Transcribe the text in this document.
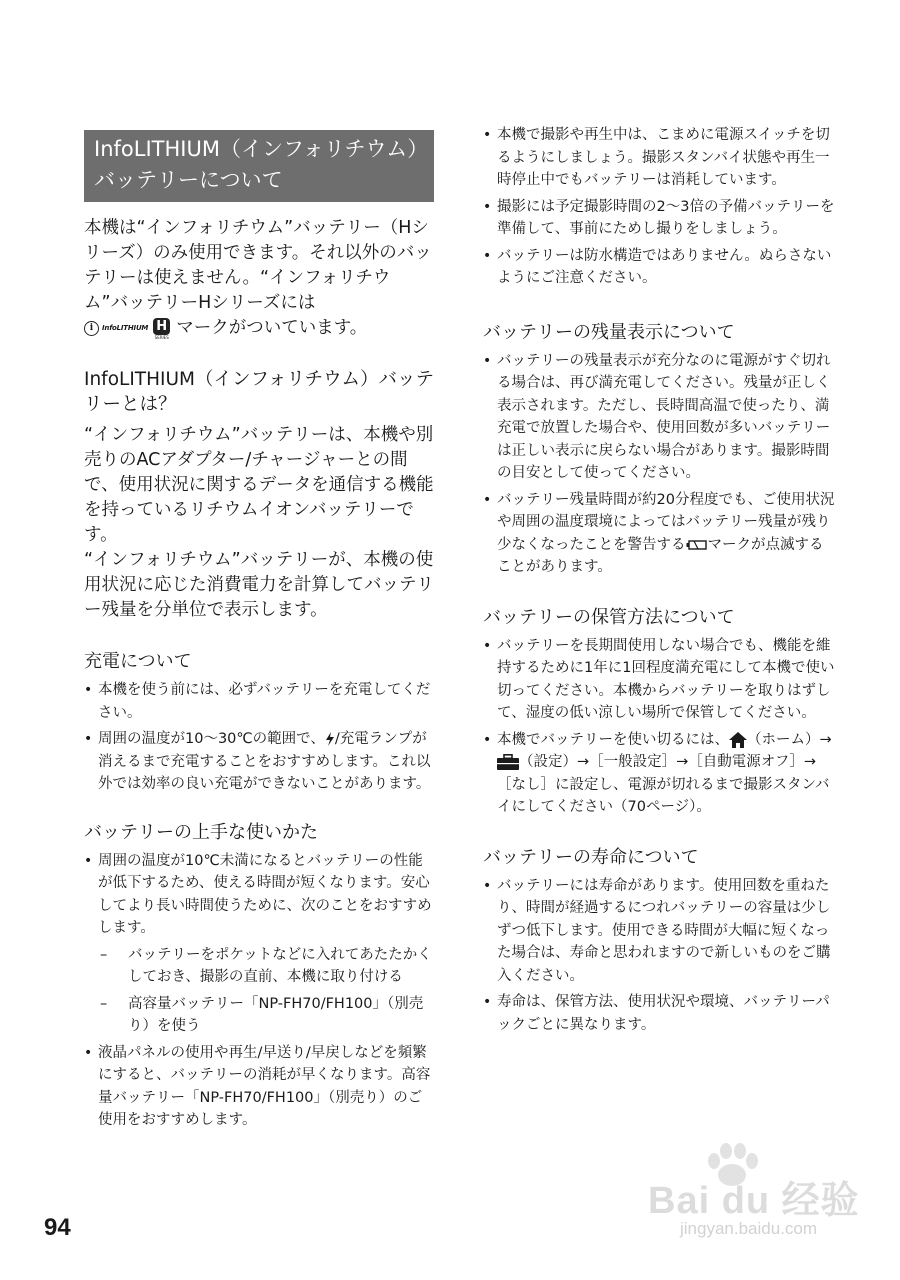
InfoLITHIUM（インフォリチウム）バッテリーについて

本機は“インフォリチウム”バッテリー（Hシリーズ）のみ使用できます。それ以外のバッテリーは使えません。“インフォリチウム”バッテリーHシリーズには

i	InfoLITHIUM H
SERIES マークがついています。
InfoLITHIUM（インフォリチウム）バッテリーとは？

“インフォリチウム”バッテリーは、本機や別売りのACアダプター/チャージャーとの間で、使用状況に関するデータを通信する機能を持っているリチウムイオンバッテリーです。

“インフォリチウム”バッテリーが、本機の使用状況に応じた消費電力を計算してバッテリー残量を分単位で表示します。

充電について
• 本機を使う前には、必ずバッテリーを充電してください。
• 周囲の温度が10～30℃の範囲で、 /充電ランプが消えるまで充電することをおすすめします。これ以外では効率の良い充電ができないことがあります。
バッテリーの上手な使いかた
• 周囲の温度が10℃未満になるとバッテリーの性能が低下するため、使える時間が短くなります。安心してより長い時間使うために、次のことをおすすめします。
– バッテリーをポケットなどに入れてあたたかくしておき、撮影の直前、本機に取り付ける
– 高容量バッテリー「NP-FH70/FH100」（別売り）を使う
• 液晶パネルの使用や再生/早送り/早戻しなどを頻繁にすると、バッテリーの消耗が早くなります。高容量バッテリー「NP-FH70/FH100」（別売り）のご使用をおすすめします。
• 本機で撮影や再生中は、こまめに電源スイッチを切るようにしましょう。撮影スタンバイ状態や再生一時停止中でもバッテリーは消耗しています。
• 撮影には予定撮影時間の2～3倍の予備バッテリーを準備して、事前にためし撮りをしましょう。
• バッテリーは防水構造ではありません。ぬらさないようにご注意ください。
バッテリーの残量表示について
• バッテリーの残量表示が充分なのに電源がすぐ切れる場合は、再び満充電してください。残量が正しく表示されます。ただし、長時間高温で使ったり、満充電で放置した場合や、使用回数が多いバッテリーは正しい表示に戻らない場合があります。撮影時間の目安として使ってください。
• バッテリー残量時間が約20分程度でも、ご使用状況や周囲の温度環境によってはバッテリー残量が残り少なくなったことを警告する マークが点滅することがあります。
バッテリーの保管方法について
• バッテリーを長期間使用しない場合でも、機能を維持するために1年に1回程度満充電にして本機で使い切ってください。本機からバッテリーを取りはずして、湿度の低い涼しい場所で保管してください。
• 本機でバッテリーを使い切るには、 （ホーム）→（設定）→［一般設定］→［自動電源オフ］→［なし］に設定し、電源が切れるまで撮影スタンバイにしてください（70ページ）。
バッテリーの寿命について
• バッテリーには寿命があります。使用回数を重ねたり、時間が経過するにつれバッテリーの容量は少しずつ低下します。使用できる時間が大幅に短くなった場合は、寿命と思われますので新しいものをご購入ください。
• 寿命は、保管方法、使用状況や環境、バッテリーパックごとに異なります。
94
Bai du 经验
jingyan.baidu.com
